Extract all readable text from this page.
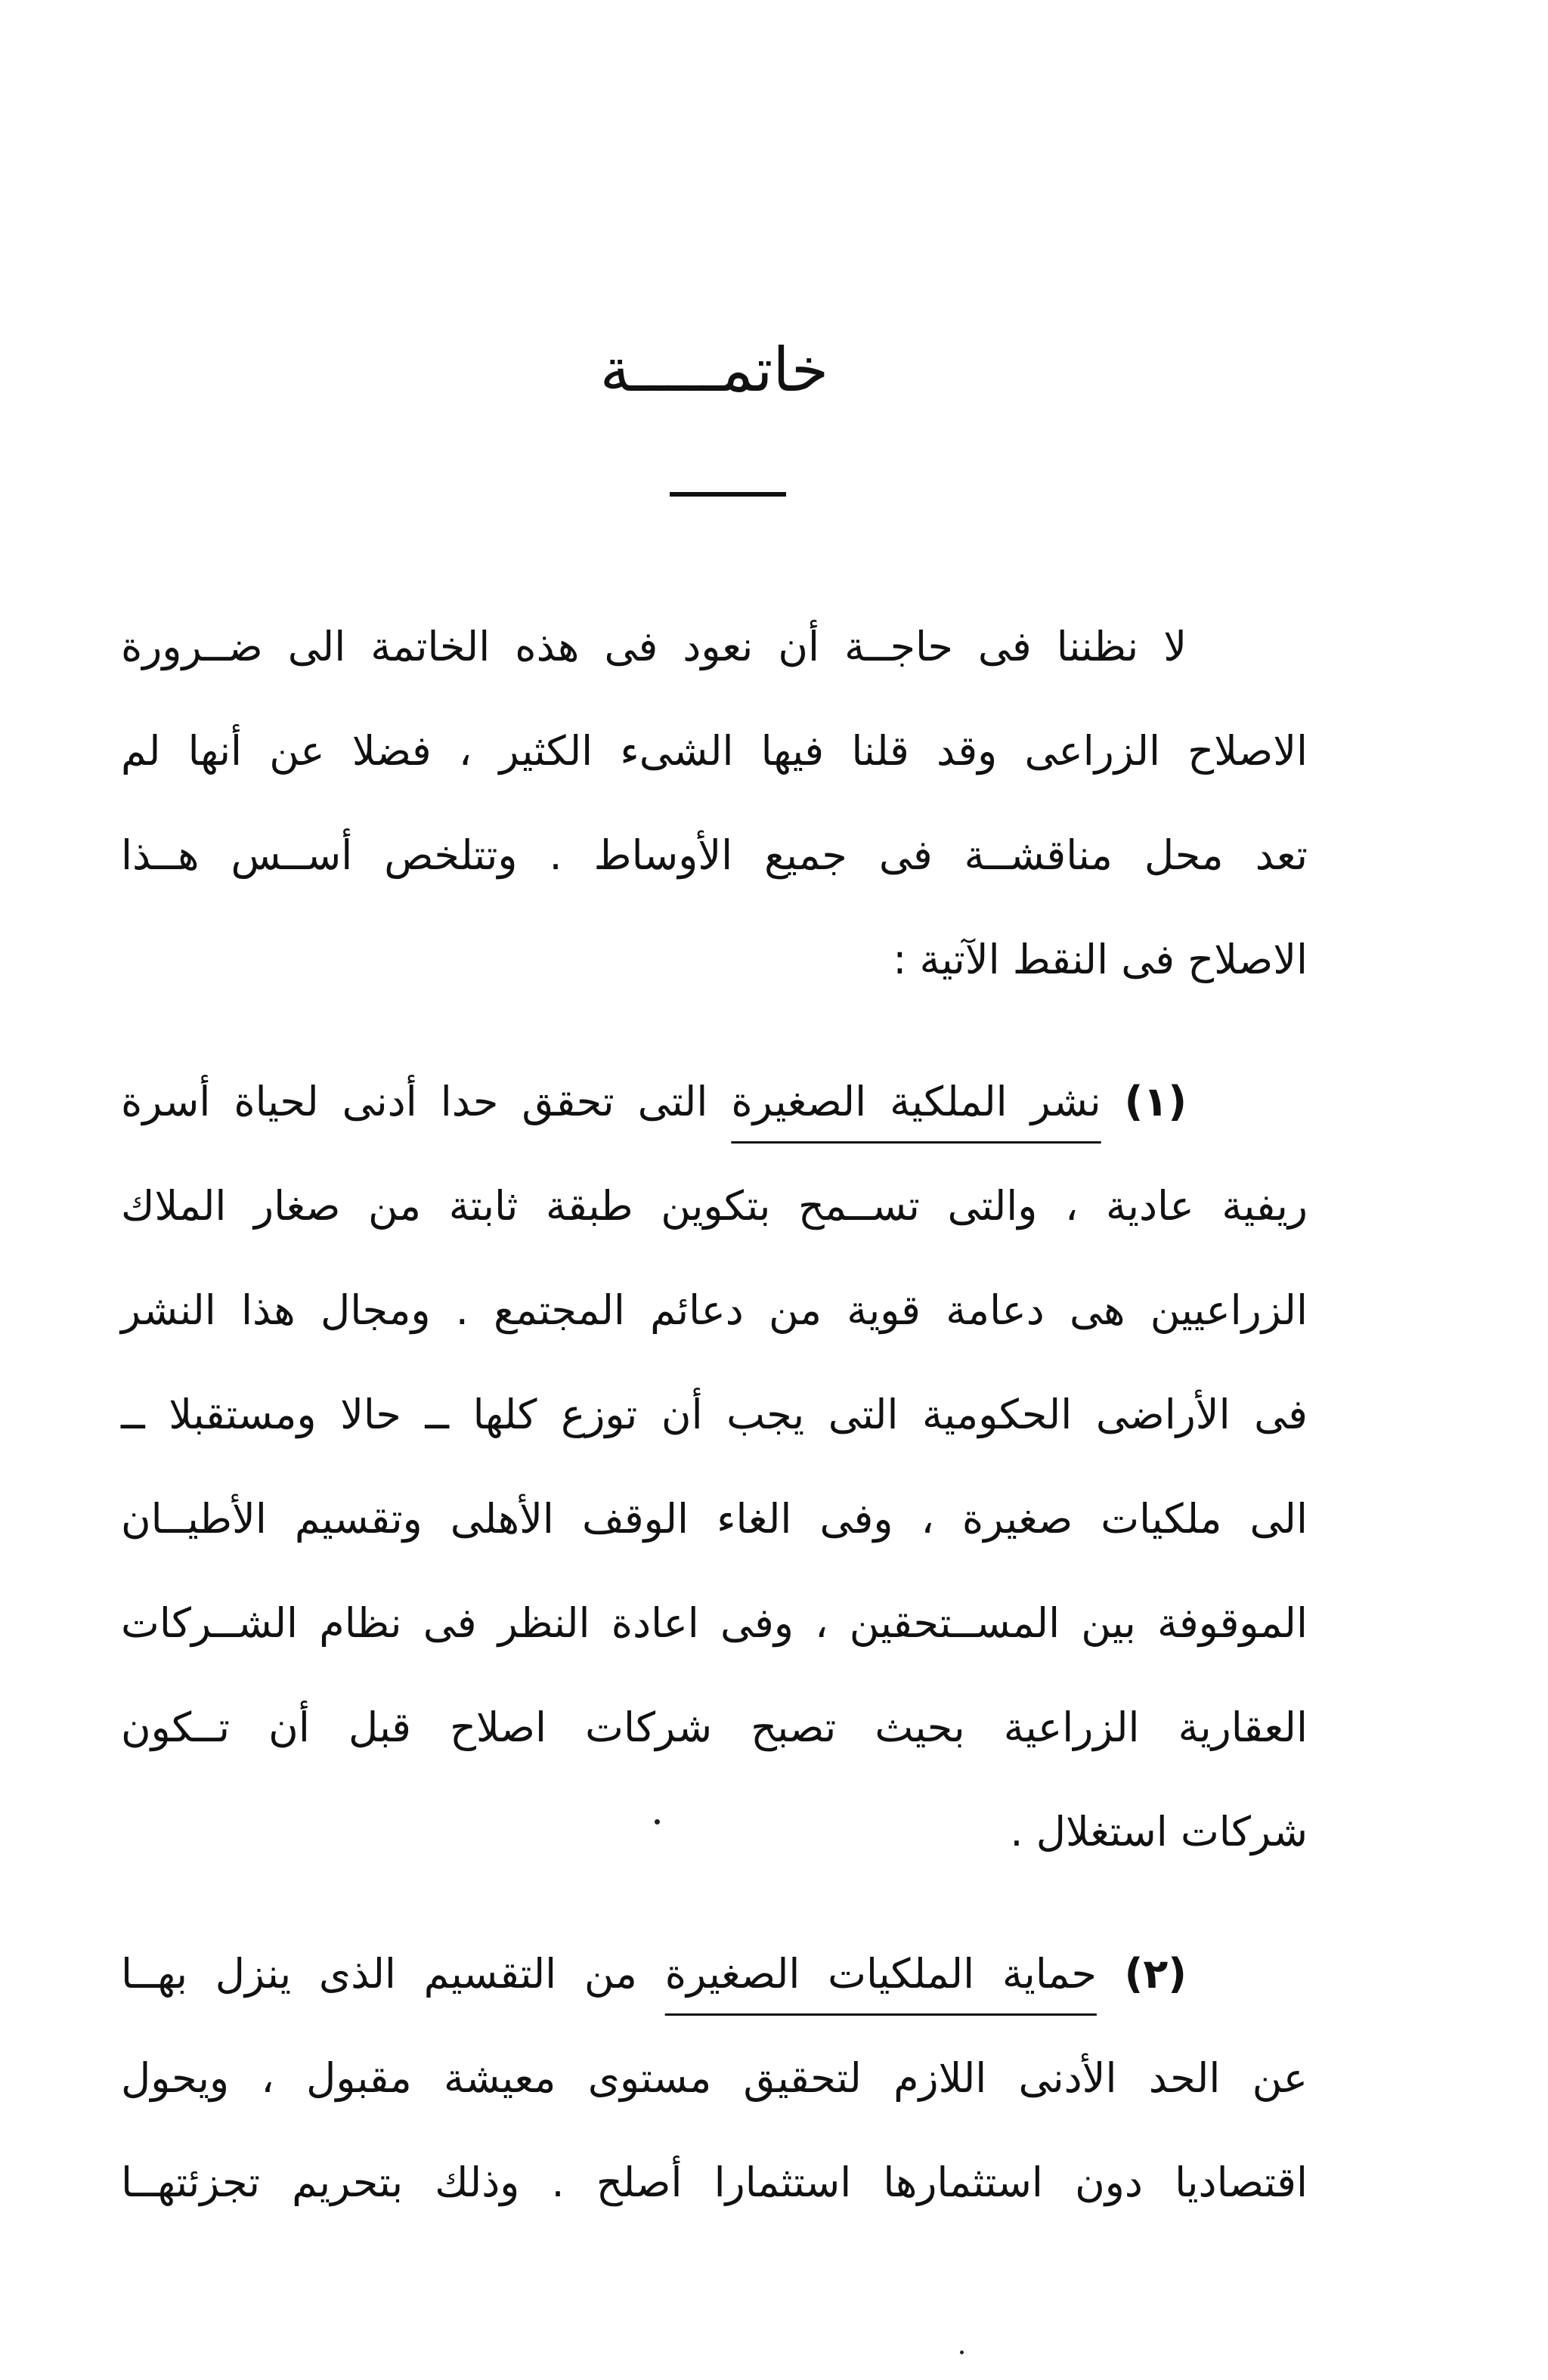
خاتمـــــة
لا نظننا فى حاجــة أن نعود فى هذه الخاتمة الى ضــرورة
الاصلاح الزراعى وقد قلنا فيها الشىء الكثير ، فضلا عن أنها لم
تعد محل مناقشــة فى جميع الأوساط . وتتلخص أســس هــذا
الاصلاح فى النقط الآتية :
(١) نشر الملكية الصغيرة التى تحقق حدا أدنى لحياة أسرة
ريفية عادية ، والتى تســمح بتكوين طبقة ثابتة من صغار الملاك
الزراعيين هى دعامة قوية من دعائم المجتمع . ومجال هذا النشر
فى الأراضى الحكومية التى يجب أن توزع كلها ــ حالا ومستقبلا ــ
الى ملكيات صغيرة ، وفى الغاء الوقف الأهلى وتقسيم الأطيــان
الموقوفة بين المســتحقين ، وفى اعادة النظر فى نظام الشــركات
العقارية الزراعية بحيث تصبح شركات اصلاح قبل أن تــكون
شركات استغلال .
(٢) حماية الملكيات الصغيرة من التقسيم الذى ينزل بهــا
عن الحد الأدنى اللازم لتحقيق مستوى معيشة مقبول ، ويحول
اقتصاديا دون استثمارها استثمارا أصلح . وذلك بتحريم تجزئتهــا
